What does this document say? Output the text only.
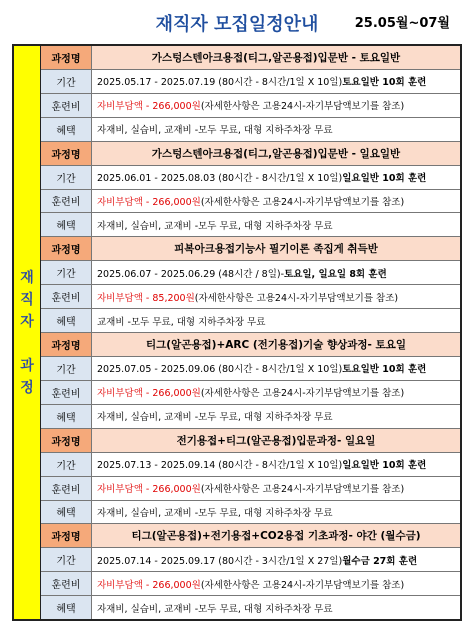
재직자 모집일정안내	25.05월~07월
재
직
자

과
정
과정명	가스텅스텐아크용접(티그,알곤용접)입문반 - 토요일반
기간	2025.05.17 - 2025.07.19 (80시간 - 8시간/1일 X 10일) 토요일반 10회 훈련
훈련비	자비부담액 - 266,000원 (자세한사항은 고용24시-자기부담액보기를 참조)
혜택	자재비, 실습비, 교재비 -모두 무료, 대형 지하주차장 무료
과정명	가스텅스텐아크용접(티그,알곤용접)입문반 - 일요일반
기간	2025.06.01 - 2025.08.03 (80시간 - 8시간/1일 X 10일) 일요일반 10회 훈련
훈련비	자비부담액 - 266,000원 (자세한사항은 고용24시-자기부담액보기를 참조)
혜택	자재비, 실습비, 교재비 -모두 무료, 대형 지하주차장 무료
과정명	피복아크용접기능사 필기이론 족집게 취득반
기간	2025.06.07 - 2025.06.29 (48시간 / 8일)- 토요일, 일요일 8회 훈련
훈련비	자비부담액 - 85,200원 (자세한사항은 고용24시-자기부담액보기를 참조)
혜택	교재비 -모두 무료, 대형 지하주차장 무료
과정명	티그(알곤용접)+ARC (전기용접)기술 향상과정- 토요일
기간	2025.07.05 - 2025.09.06 (80시간 - 8시간/1일 X 10일) 토요일반 10회 훈련
훈련비	자비부담액 - 266,000원 (자세한사항은 고용24시-자기부담액보기를 참조)
혜택	자재비, 실습비, 교재비 -모두 무료, 대형 지하주차장 무료
과정명	전기용접+티그(알곤용접)입문과정- 일요일
기간	2025.07.13 - 2025.09.14 (80시간 - 8시간/1일 X 10일) 일요일반 10회 훈련
훈련비	자비부담액 - 266,000원 (자세한사항은 고용24시-자기부담액보기를 참조)
혜택	자재비, 실습비, 교재비 -모두 무료, 대형 지하주차장 무료
과정명	티그(알곤용접)+전기용접+CO2용접 기초과정- 야간 (월수금)
기간	2025.07.14 - 2025.09.17 (80시간 - 3시간/1일 X 27일) 월수금 27회 훈련
훈련비	자비부담액 - 266,000원 (자세한사항은 고용24시-자기부담액보기를 참조)
혜택	자재비, 실습비, 교재비 -모두 무료, 대형 지하주차장 무료
